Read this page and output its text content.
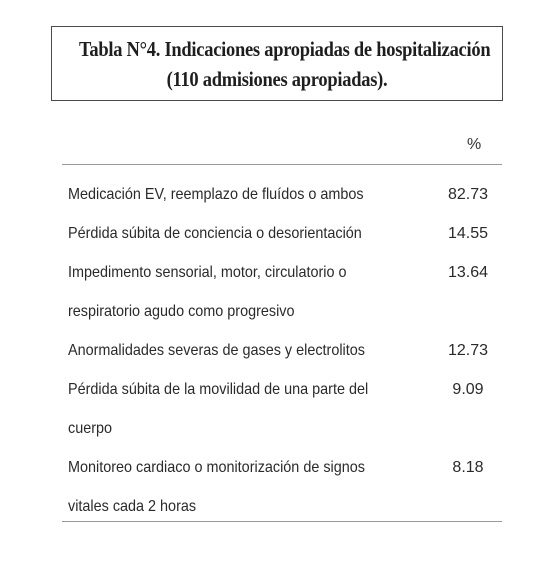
Tabla N°4. Indicaciones apropiadas de hospitalización
(110 admisiones apropiadas).
%
Medicación EV, reemplazo de fluídos o ambos	82.73
Pérdida súbita de conciencia o desorientación	14.55
Impedimento sensorial, motor, circulatorio o	13.64
respiratorio agudo como progresivo
Anormalidades severas de gases y electrolitos	12.73
Pérdida súbita de la movilidad de una parte del	9.09
cuerpo
Monitoreo cardiaco o monitorización de signos	8.18
vitales cada 2 horas
